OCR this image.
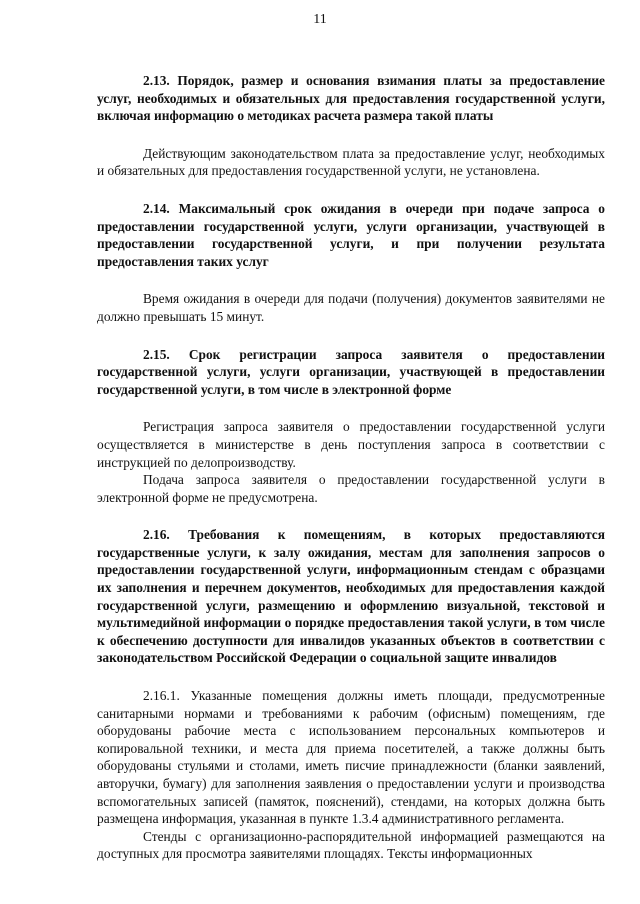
11

2.13. Порядок, размер и основания взимания платы за предоставление услуг, необходимых и обязательных для предоставления государственной услуги, включая информацию о методиках расчета размера такой платы

Действующим законодательством плата за предоставление услуг, необходимых и обязательных для предоставления государственной услуги, не установлена.

2.14. Максимальный срок ожидания в очереди при подаче запроса о предоставлении государственной услуги, услуги организации, участвующей в предоставлении государственной услуги, и при получении результата предоставления таких услуг

Время ожидания в очереди для подачи (получения) документов заявителями не должно превышать 15 минут.

2.15. Срок регистрации запроса заявителя о предоставлении государственной услуги, услуги организации, участвующей в предоставлении государственной услуги, в том числе в электронной форме

Регистрация запроса заявителя о предоставлении государственной услуги осуществляется в министерстве в день поступления запроса в соответствии с инструкцией по делопроизводству.

Подача запроса заявителя о предоставлении государственной услуги в электронной форме не предусмотрена.

2.16. Требования к помещениям, в которых предоставляются государственные услуги, к залу ожидания, местам для заполнения запросов о предоставлении государственной услуги, информационным стендам с образцами их заполнения и перечнем документов, необходимых для предоставления каждой государственной услуги, размещению и оформлению визуальной, текстовой и мультимедийной информации о порядке предоставления такой услуги, в том числе к обеспечению доступности для инвалидов указанных объектов в соответствии с законодательством Российской Федерации о социальной защите инвалидов

2.16.1. Указанные помещения должны иметь площади, предусмотренные санитарными нормами и требованиями к рабочим (офисным) помещениям, где оборудованы рабочие места с использованием персональных компьютеров и копировальной техники, и места для приема посетителей, а также должны быть оборудованы стульями и столами, иметь писчие принадлежности (бланки заявлений, авторучки, бумагу) для заполнения заявления о предоставлении услуги и производства вспомогательных записей (памяток, пояснений), стендами, на которых должна быть размещена информация, указанная в пункте 1.3.4 административного регламента.

Стенды с организационно-распорядительной информацией размещаются на доступных для просмотра заявителями площадях. Тексты информационных
